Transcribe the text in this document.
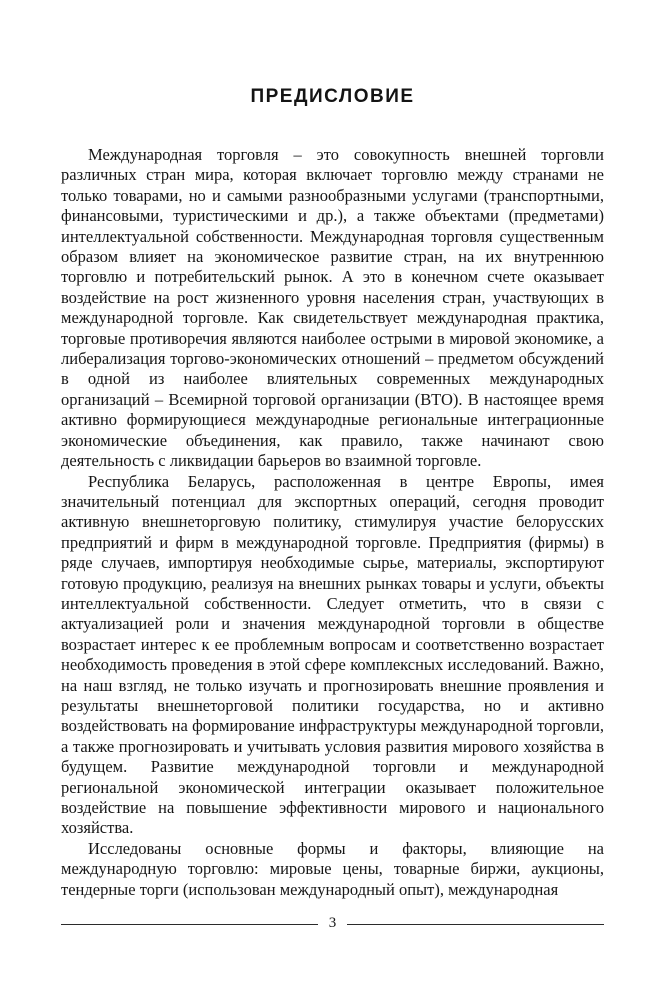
ПРЕДИСЛОВИЕ

Международная торговля – это совокупность внешней торговли различных стран мира, которая включает торговлю между странами не только товарами, но и самыми разнообразными услугами (транспортными, финансовыми, туристическими и др.), а также объектами (предметами) интеллектуальной собственности. Международная торговля существенным образом влияет на экономическое развитие стран, на их внутреннюю торговлю и потребительский рынок. А это в конечном счете оказывает воздействие на рост жизненного уровня населения стран, участвующих в международной торговле. Как свидетельствует международная практика, торговые противоречия являются наиболее острыми в мировой экономике, а либерализация торгово-экономических отношений – предметом обсуждений в одной из наиболее влиятельных современных международных организаций – Всемирной торговой организации (ВТО). В настоящее время активно формирующиеся международные региональные интеграционные экономические объединения, как правило, также начинают свою деятельность с ликвидации барьеров во взаимной торговле.

Республика Беларусь, расположенная в центре Европы, имея значительный потенциал для экспортных операций, сегодня проводит активную внешнеторговую политику, стимулируя участие белорусских предприятий и фирм в международной торговле. Предприятия (фирмы) в ряде случаев, импортируя необходимые сырье, материалы, экспортируют готовую продукцию, реализуя на внешних рынках товары и услуги, объекты интеллектуальной собственности. Следует отметить, что в связи с актуализацией роли и значения международной торговли в обществе возрастает интерес к ее проблемным вопросам и соответственно возрастает необходимость проведения в этой сфере комплексных исследований. Важно, на наш взгляд, не только изучать и прогнозировать внешние проявления и результаты внешнеторговой политики государства, но и активно воздействовать на формирование инфраструктуры международной торговли, а также прогнозировать и учитывать условия развития мирового хозяйства в будущем. Развитие международной торговли и международной региональной экономической интеграции оказывает положительное воздействие на повышение эффективности мирового и национального хозяйства.

Исследованы основные формы и факторы, влияющие на международную торговлю: мировые цены, товарные биржи, аукционы, тендерные торги (использован международный опыт), международная

3
